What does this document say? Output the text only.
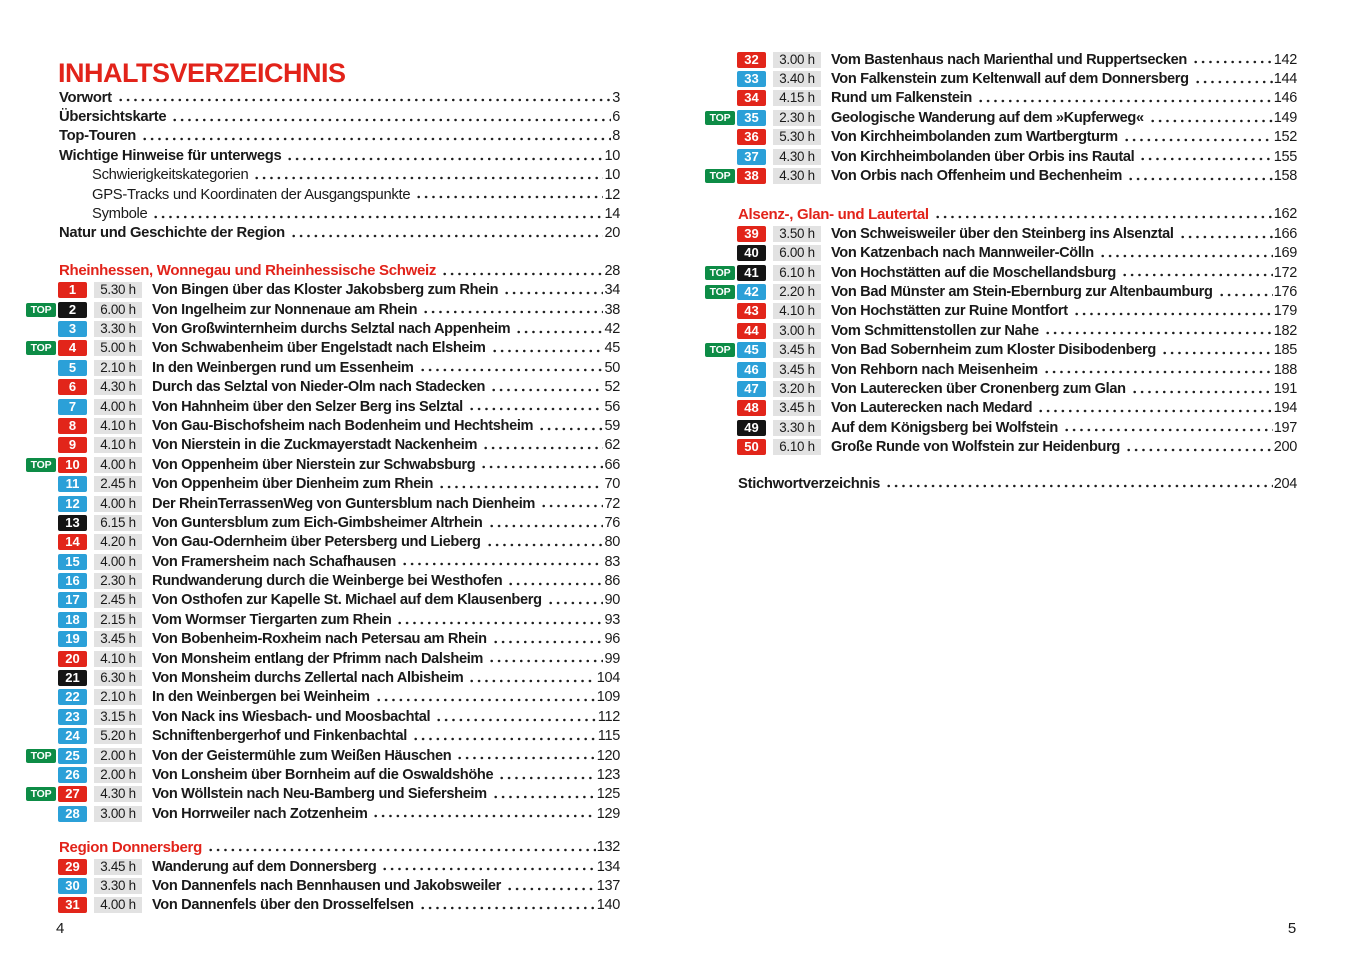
INHALTSVERZEICHNIS
Vorwort	3
Übersichtskarte	6
Top-Touren	8
Wichtige Hinweise für unterwegs	10
Schwierigkeitskategorien	10
GPS-Tracks und Koordinaten der Ausgangspunkte	12
Symbole	14
Natur und Geschichte der Region	20
Rheinhessen, Wonnegau und Rheinhessische Schweiz	28
1	5.30 h	Von Bingen über das Kloster Jakobsberg zum Rhein	34
TOP	2	6.00 h	Von Ingelheim zur Nonnenaue am Rhein	38
3	3.30 h	Von Großwinternheim durchs Selztal nach Appenheim	42
TOP	4	5.00 h	Von Schwabenheim über Engelstadt nach Elsheim	45
5	2.10 h	In den Weinbergen rund um Essenheim	50
6	4.30 h	Durch das Selztal von Nieder-Olm nach Stadecken	52
7	4.00 h	Von Hahnheim über den Selzer Berg ins Selztal	56
8	4.10 h	Von Gau-Bischofsheim nach Bodenheim und Hechtsheim	59
9	4.10 h	Von Nierstein in die Zuckmayerstadt Nackenheim	62
TOP	10	4.00 h	Von Oppenheim über Nierstein zur Schwabsburg	66
11	2.45 h	Von Oppenheim über Dienheim zum Rhein	70
12	4.00 h	Der RheinTerrassenWeg von Guntersblum nach Dienheim	72
13	6.15 h	Von Guntersblum zum Eich-Gimbsheimer Altrhein	76
14	4.20 h	Von Gau-Odernheim über Petersberg und Lieberg	80
15	4.00 h	Von Framersheim nach Schafhausen	83
16	2.30 h	Rundwanderung durch die Weinberge bei Westhofen	86
17	2.45 h	Von Osthofen zur Kapelle St. Michael auf dem Klausenberg	90
18	2.15 h	Vom Wormser Tiergarten zum Rhein	93
19	3.45 h	Von Bobenheim-Roxheim nach Petersau am Rhein	96
20	4.10 h	Von Monsheim entlang der Pfrimm nach Dalsheim	99
21	6.30 h	Von Monsheim durchs Zellertal nach Albisheim	104
22	2.10 h	In den Weinbergen bei Weinheim	109
23	3.15 h	Von Nack ins Wiesbach- und Moosbachtal	112
24	5.20 h	Schniftenbergerhof und Finkenbachtal	115
TOP	25	2.00 h	Von der Geistermühle zum Weißen Häuschen	120
26	2.00 h	Von Lonsheim über Bornheim auf die Oswaldshöhe	123
TOP	27	4.30 h	Von Wöllstein nach Neu-Bamberg und Siefersheim	125
28	3.00 h	Von Horrweiler nach Zotzenheim	129
Region Donnersberg	132
29	3.45 h	Wanderung auf dem Donnersberg	134
30	3.30 h	Von Dannenfels nach Bennhausen und Jakobsweiler	137
31	4.00 h	Von Dannenfels über den Drosselfelsen	140
32	3.00 h	Vom Bastenhaus nach Marienthal und Ruppertsecken	142
33	3.40 h	Von Falkenstein zum Keltenwall auf dem Donnersberg	144
34	4.15 h	Rund um Falkenstein	146
TOP	35	2.30 h	Geologische Wanderung auf dem »Kupferweg«	149
36	5.30 h	Von Kirchheimbolanden zum Wartbergturm	152
37	4.30 h	Von Kirchheimbolanden über Orbis ins Rautal	155
TOP	38	4.30 h	Von Orbis nach Offenheim und Bechenheim	158
Alsenz-, Glan- und Lautertal	162
39	3.50 h	Von Schweisweiler über den Steinberg ins Alsenztal	166
40	6.00 h	Von Katzenbach nach Mannweiler-Cölln	169
TOP	41	6.10 h	Von Hochstätten auf die Moschellandsburg	172
TOP	42	2.20 h	Von Bad Münster am Stein-Ebernburg zur Altenbaumburg	176
43	4.10 h	Von Hochstätten zur Ruine Montfort	179
44	3.00 h	Vom Schmittenstollen zur Nahe	182
TOP	45	3.45 h	Von Bad Sobernheim zum Kloster Disibodenberg	185
46	3.45 h	Von Rehborn nach Meisenheim	188
47	3.20 h	Von Lauterecken über Cronenberg zum Glan	191
48	3.45 h	Von Lauterecken nach Medard	194
49	3.30 h	Auf dem Königsberg bei Wolfstein	197
50	6.10 h	Große Runde von Wolfstein zur Heidenburg	200
Stichwortverzeichnis	204
4	5
